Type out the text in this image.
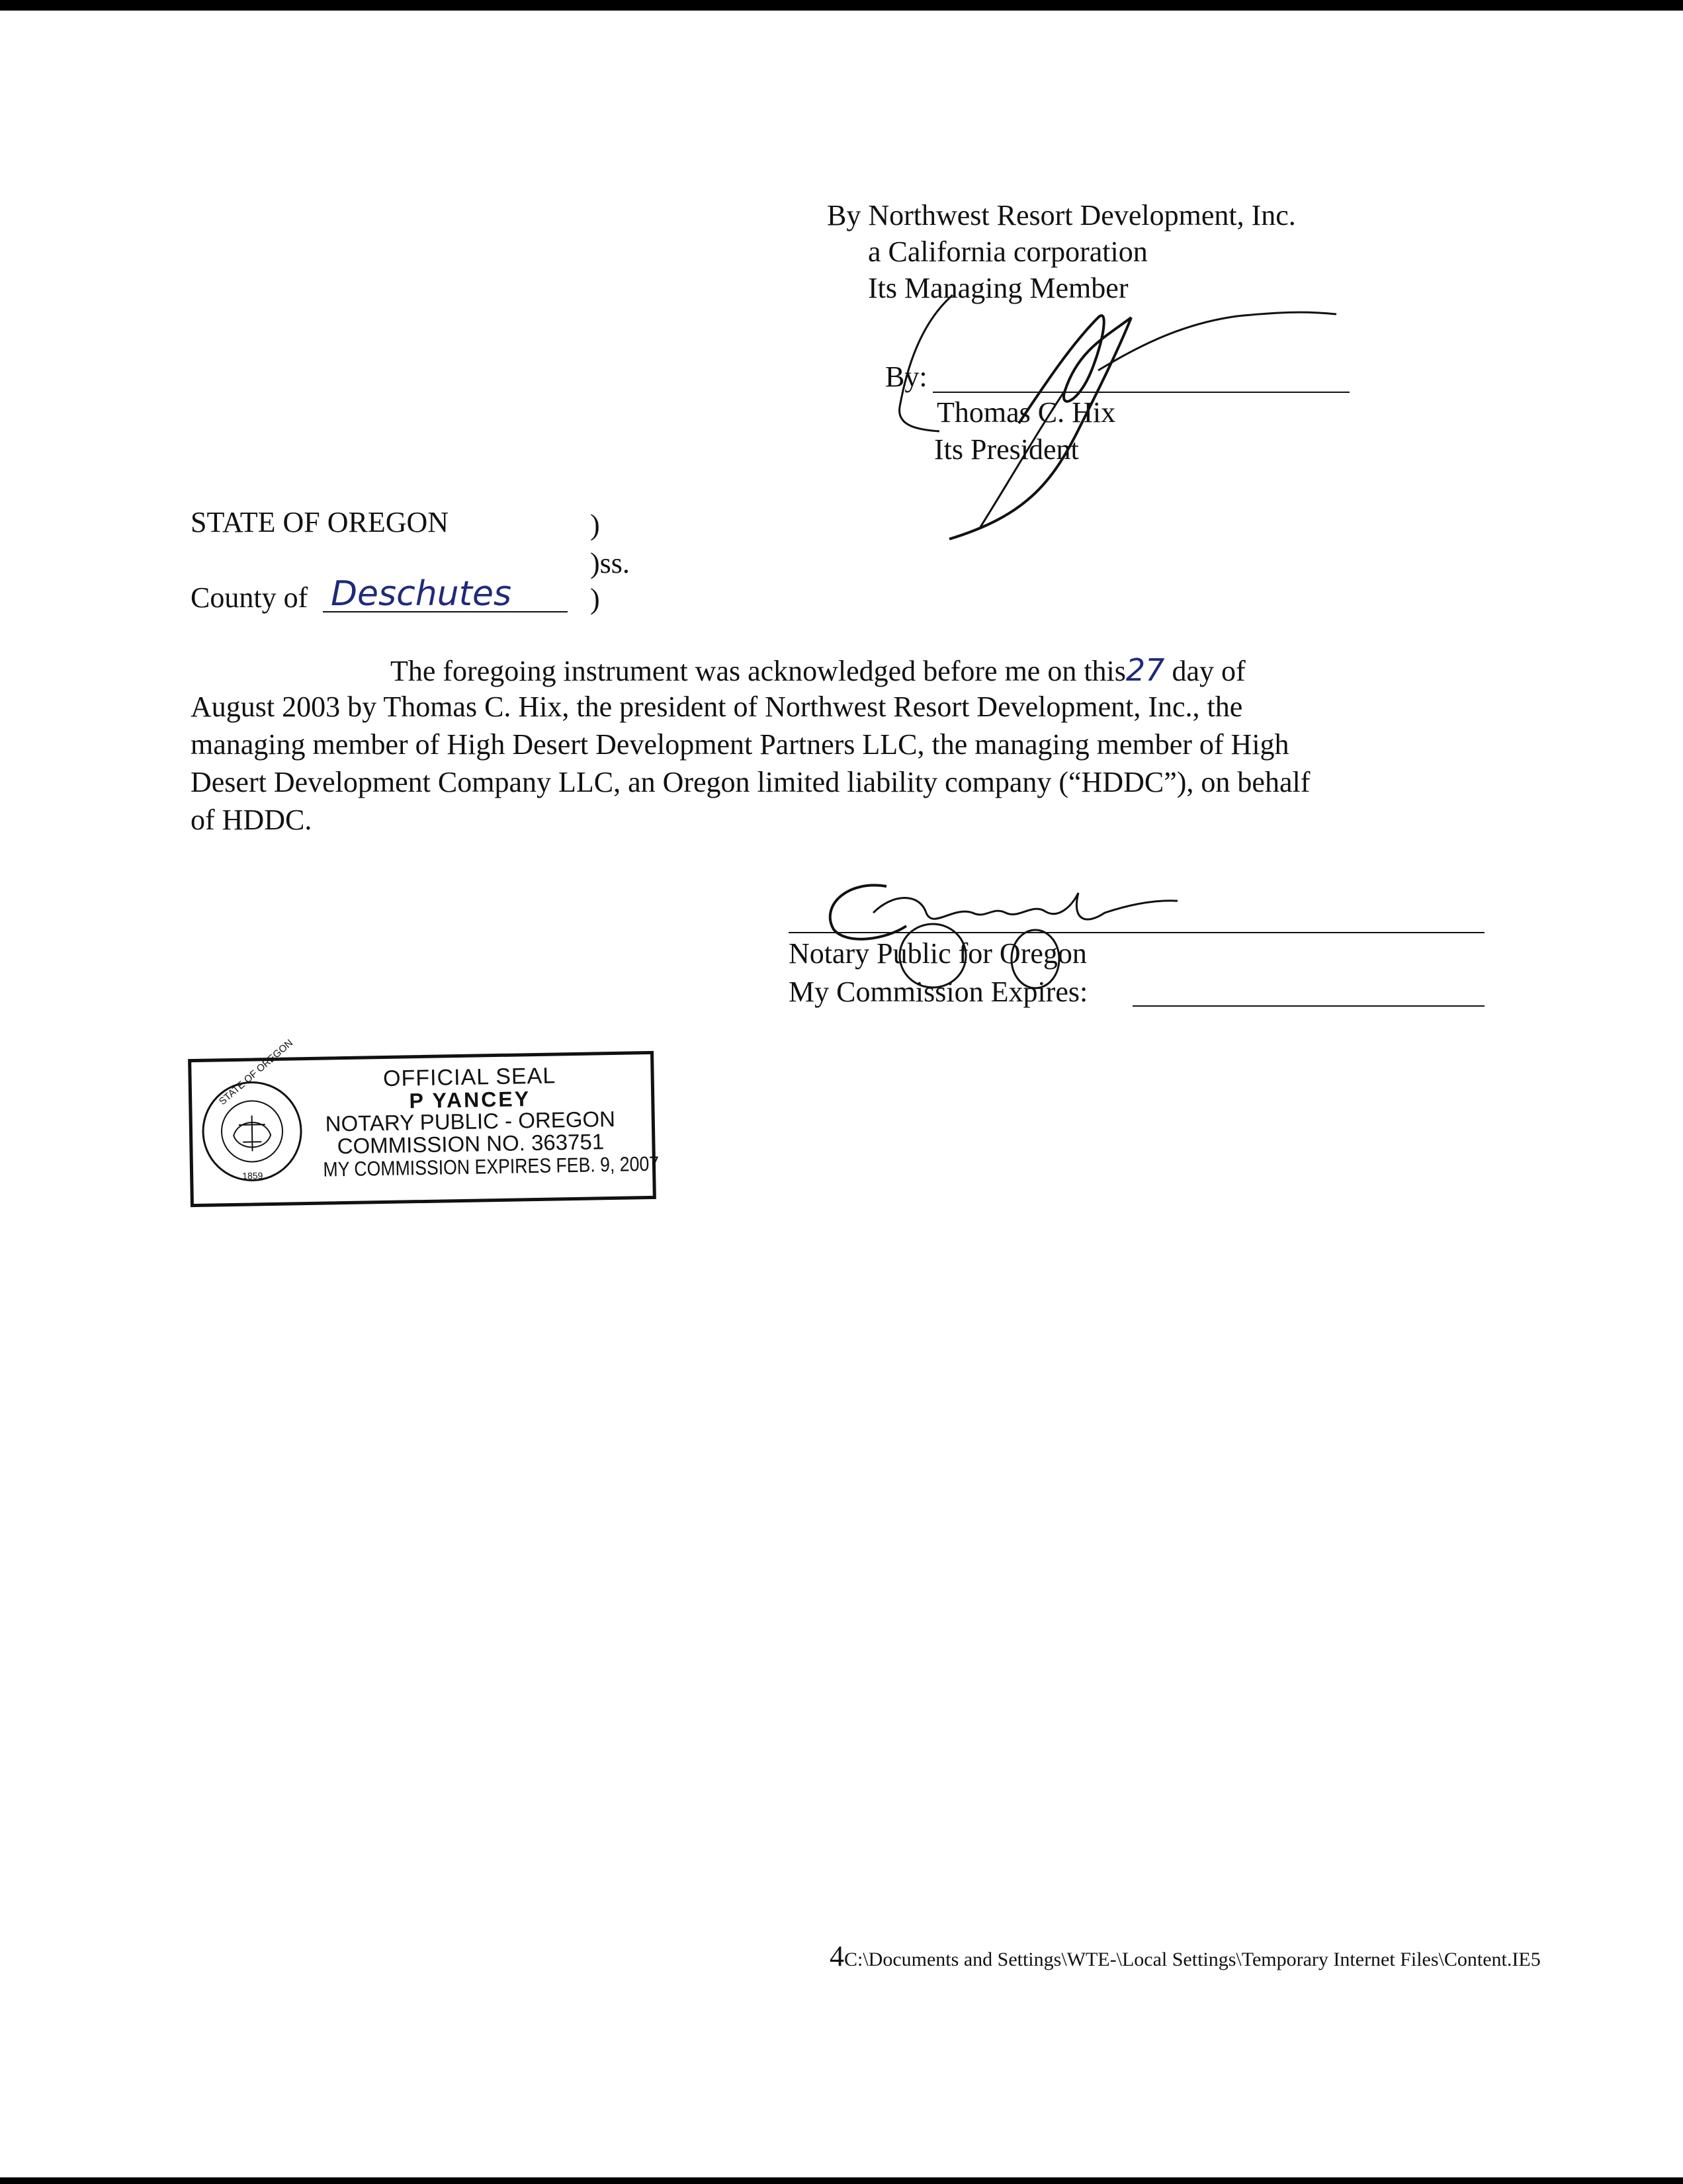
By Northwest Resort Development, Inc.
a California corporation
Its Managing Member
By:
Thomas C. Hix
Its President
STATE OF OREGON	)
)ss.
County of Deschutes	)
The foregoing instrument was acknowledged before me on this27 day of
August 2003 by Thomas C. Hix, the president of Northwest Resort Development, Inc., the
managing member of High Desert Development Partners LLC, the managing member of High
Desert Development Company LLC, an Oregon limited liability company (“HDDC”), on behalf
of HDDC.
Notary Public for Oregon
My Commission Expires:
STATE OF OREGON
1859
OFFICIAL SEAL
P YANCEY
NOTARY PUBLIC - OREGON
COMMISSION NO. 363751
MY COMMISSION EXPIRES FEB. 9, 2007
4C:\Documents and Settings\WTE-\Local Settings\Temporary Internet Files\Content.IE5
